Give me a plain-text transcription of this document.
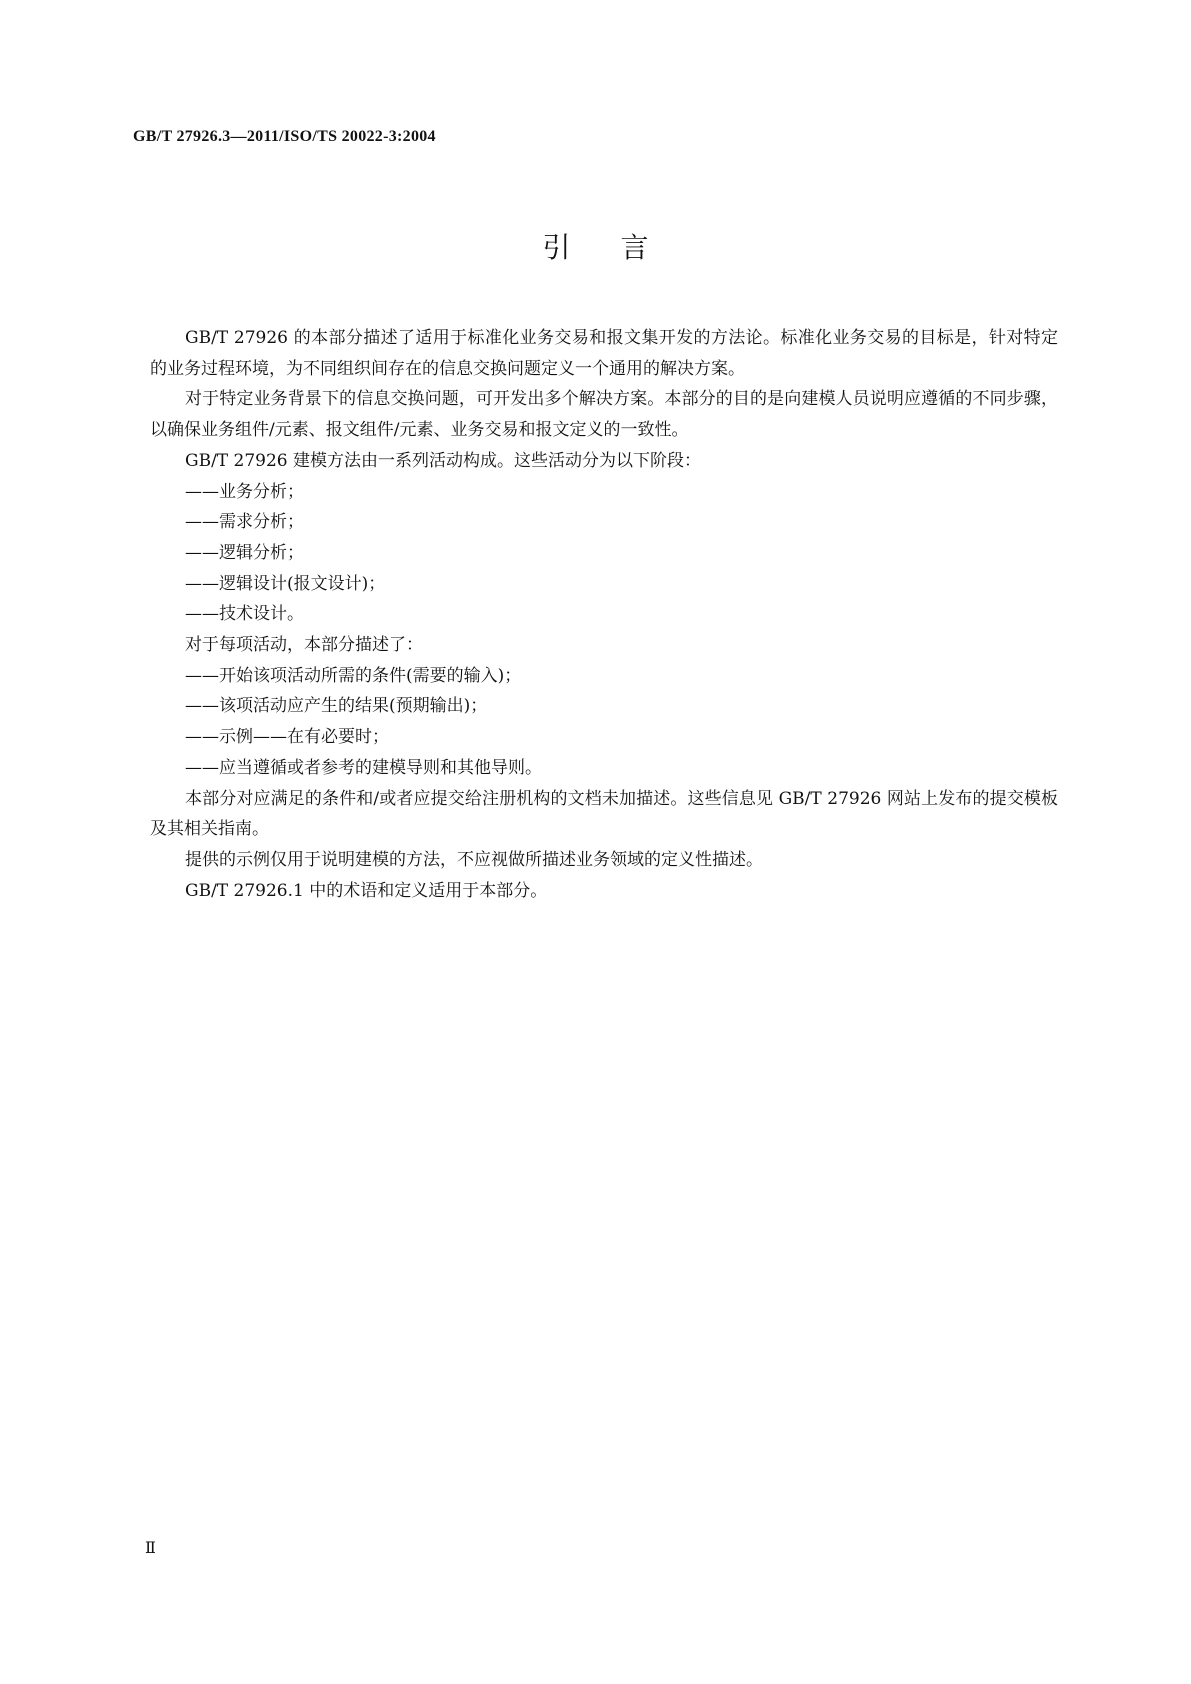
GB/T 27926.3—2011/ISO/TS 20022-3:2004
引言

GB/T 27926 的本部分描述了适用于标准化业务交易和报文集开发的方法论。标准化业务交易的目标是，针对特定的业务过程环境，为不同组织间存在的信息交换问题定义一个通用的解决方案。

对于特定业务背景下的信息交换问题，可开发出多个解决方案。本部分的目的是向建模人员说明应遵循的不同步骤，以确保业务组件/元素、报文组件/元素、业务交易和报文定义的一致性。

GB/T 27926 建模方法由一系列活动构成。这些活动分为以下阶段：

——业务分析；

——需求分析；

——逻辑分析；

——逻辑设计(报文设计)；

——技术设计。

对于每项活动，本部分描述了：

——开始该项活动所需的条件(需要的输入)；

——该项活动应产生的结果(预期输出)；

——示例——在有必要时；

——应当遵循或者参考的建模导则和其他导则。

本部分对应满足的条件和/或者应提交给注册机构的文档未加描述。这些信息见 GB/T 27926 网站上发布的提交模板及其相关指南。

提供的示例仅用于说明建模的方法，不应视做所描述业务领域的定义性描述。

GB/T 27926.1 中的术语和定义适用于本部分。

Ⅱ
